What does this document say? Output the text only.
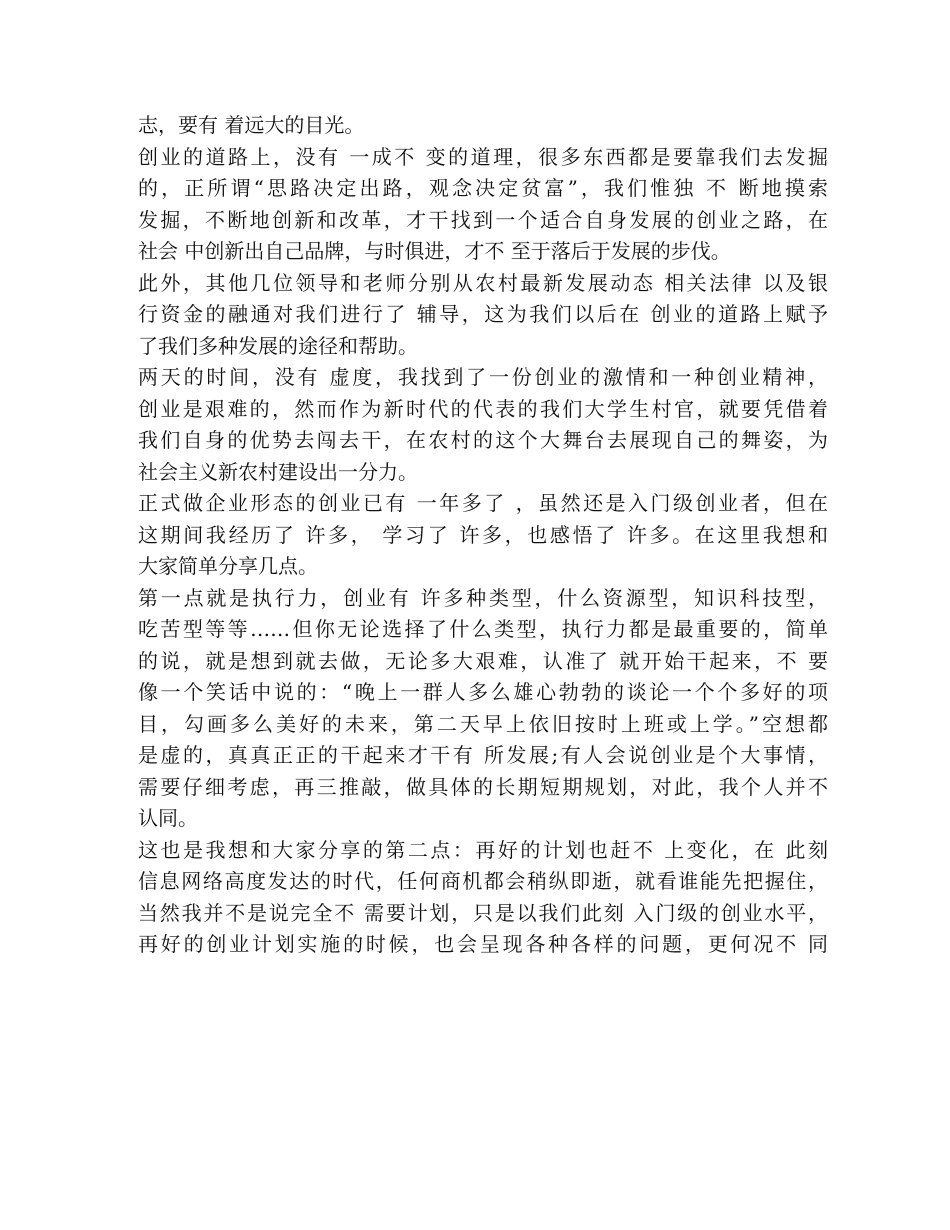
志，要有 着远大的目光。
创业的道路上，没有 一成不 变的道理，很多东西都是要靠我们去发掘
的，正所谓“思路决定出路，观念决定贫富”，我们惟独 不 断地摸索
发掘，不断地创新和改革，才干找到一个适合自身发展的创业之路，在
社会 中创新出自己品牌，与时俱进，才不 至于落后于发展的步伐。
此外，其他几位领导和老师分别从农村最新发展动态 相关法律 以及银
行资金的融通对我们进行了 辅导，这为我们以后在 创业的道路上赋予
了我们多种发展的途径和帮助。
两天的时间，没有 虚度，我找到了一份创业的激情和一种创业精神，
创业是艰难的，然而作为新时代的代表的我们大学生村官，就要凭借着
我们自身的优势去闯去干，在农村的这个大舞台去展现自己的舞姿，为
社会主义新农村建设出一分力。
正式做企业形态的创业已有 一年多了 ，虽然还是入门级创业者，但在
这期间我经历了 许多， 学习了 许多，也感悟了 许多。在这里我想和
大家简单分享几点。
第一点就是执行力，创业有 许多种类型，什么资源型，知识科技型，
吃苦型等等……但你无论选择了什么类型，执行力都是最重要的，简单
的说，就是想到就去做，无论多大艰难，认准了 就开始干起来，不 要
像一个笑话中说的：“晚上一群人多么雄心勃勃的谈论一个个多好的项
目，勾画多么美好的未来，第二天早上依旧按时上班或上学。”空想都
是虚的，真真正正的干起来才干有 所发展;有人会说创业是个大事情，
需要仔细考虑，再三推敲，做具体的长期短期规划，对此，我个人并不
认同。
这也是我想和大家分享的第二点：再好的计划也赶不 上变化，在 此刻
信息网络高度发达的时代，任何商机都会稍纵即逝，就看谁能先把握住，
当然我并不是说完全不 需要计划，只是以我们此刻 入门级的创业水平，
再好的创业计划实施的时候，也会呈现各种各样的问题，更何况不 同
